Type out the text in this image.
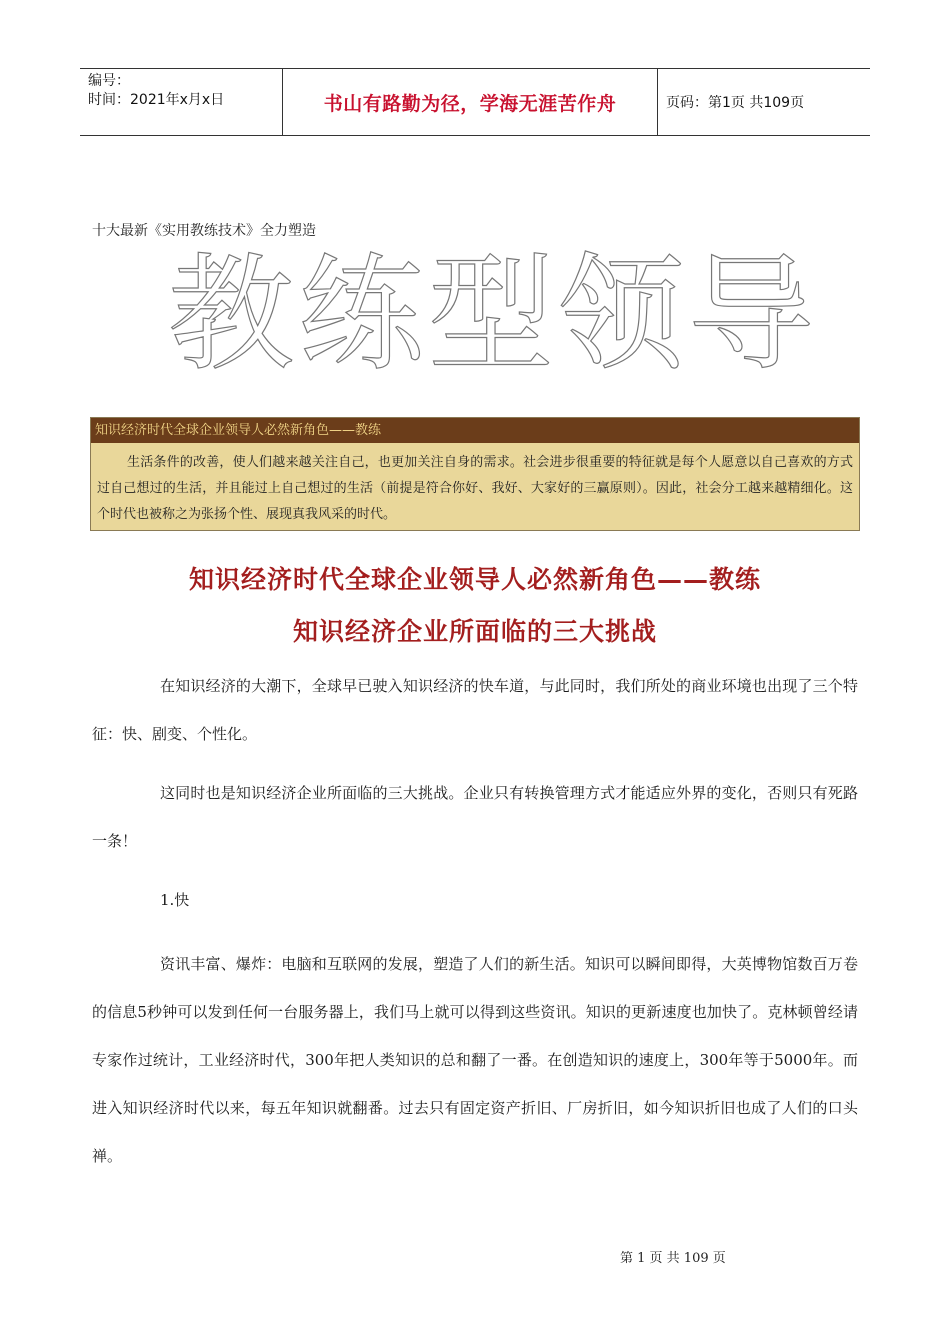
编号：
时间：2021年x月x日	书山有路勤为径，学海无涯苦作舟	页码：第1页 共109页
十大最新《实用教练技术》全力塑造
教练型领导
知识经济时代全球企业领导人必然新角色——教练
生活条件的改善，使人们越来越关注自己，也更加关注自身的需求。社会进步很重要的特征就是每个人愿意以自己喜欢的方式过自己想过的生活，并且能过上自己想过的生活（前提是符合你好、我好、大家好的三赢原则）。因此，社会分工越来越精细化。这个时代也被称之为张扬个性、展现真我风采的时代。
知识经济时代全球企业领导人必然新角色——教练
知识经济企业所面临的三大挑战
在知识经济的大潮下，全球早已驶入知识经济的快车道，与此同时，我们所处的商业环境也出现了三个特征：快、剧变、个性化。
这同时也是知识经济企业所面临的三大挑战。企业只有转换管理方式才能适应外界的变化，否则只有死路一条！
1.快
资讯丰富、爆炸：电脑和互联网的发展，塑造了人们的新生活。知识可以瞬间即得，大英博物馆数百万卷的信息5秒钟可以发到任何一台服务器上，我们马上就可以得到这些资讯。知识的更新速度也加快了。克林顿曾经请专家作过统计，工业经济时代，300年把人类知识的总和翻了一番。在创造知识的速度上，300年等于5000年。而进入知识经济时代以来，每五年知识就翻番。过去只有固定资产折旧、厂房折旧，如今知识折旧也成了人们的口头禅。
第 1 页 共 109 页
